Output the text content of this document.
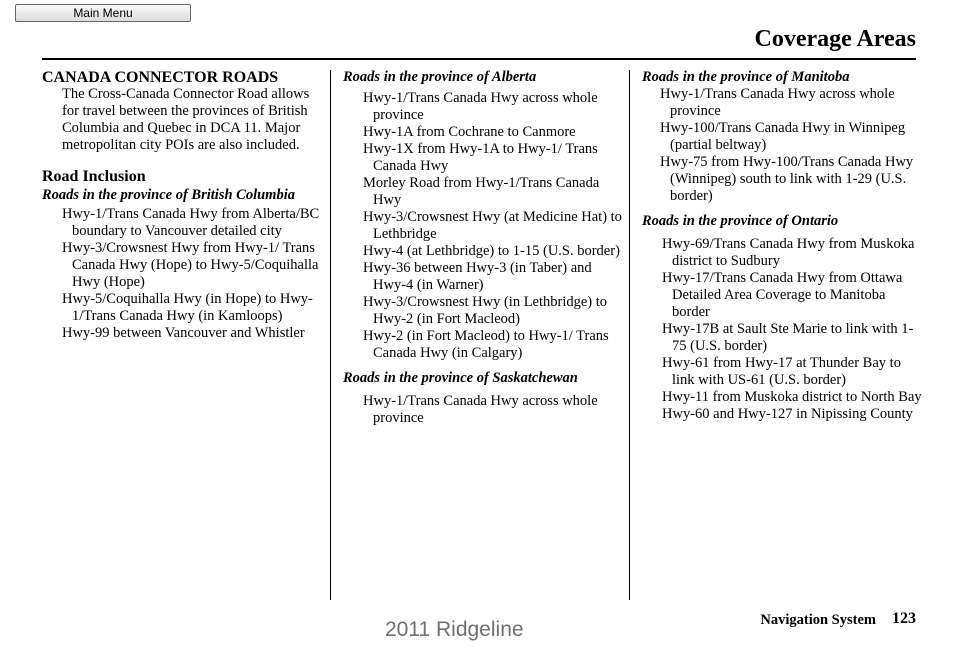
Main Menu
Coverage Areas

CANADA CONNECTOR ROADS

The Cross-Canada Connector Road allows for travel between the provinces of British Columbia and Quebec in DCA 11. Major metropolitan city POIs are also included.

Road Inclusion

Roads in the province of British Columbia

Hwy-1/Trans Canada Hwy from Alberta/BC boundary to Vancouver detailed city
Hwy-3/Crowsnest Hwy from Hwy-1/ Trans Canada Hwy (Hope) to Hwy-5/Coquihalla Hwy (Hope)
Hwy-5/Coquihalla Hwy (in Hope) to Hwy-1/Trans Canada Hwy (in Kamloops)
Hwy-99 between Vancouver and Whistler

Roads in the province of Alberta

Hwy-1/Trans Canada Hwy across whole province
Hwy-1A from Cochrane to Canmore
Hwy-1X from Hwy-1A to Hwy-1/ Trans Canada Hwy
Morley Road from Hwy-1/Trans Canada Hwy
Hwy-3/Crowsnest Hwy (at Medicine Hat) to Lethbridge
Hwy-4 (at Lethbridge) to 1-15 (U.S. border)
Hwy-36 between Hwy-3 (in Taber) and Hwy-4 (in Warner)
Hwy-3/Crowsnest Hwy (in Lethbridge) to Hwy-2 (in Fort Macleod)
Hwy-2 (in Fort Macleod) to Hwy-1/ Trans Canada Hwy (in Calgary)

Roads in the province of Saskatchewan

Hwy-1/Trans Canada Hwy across whole province

Roads in the province of Manitoba

Hwy-1/Trans Canada Hwy across whole province
Hwy-100/Trans Canada Hwy in Winnipeg (partial beltway)
Hwy-75 from Hwy-100/Trans Canada Hwy (Winnipeg) south to link with 1-29 (U.S. border)

Roads in the province of Ontario

Hwy-69/Trans Canada Hwy from Muskoka district to Sudbury
Hwy-17/Trans Canada Hwy from Ottawa Detailed Area Coverage to Manitoba border
Hwy-17B at Sault Ste Marie to link with 1-75 (U.S. border)
Hwy-61 from Hwy-17 at Thunder Bay to link with US-61 (U.S. border)
Hwy-11 from Muskoka district to North Bay
Hwy-60 and Hwy-127 in Nipissing County
Navigation System 123
2011 Ridgeline
